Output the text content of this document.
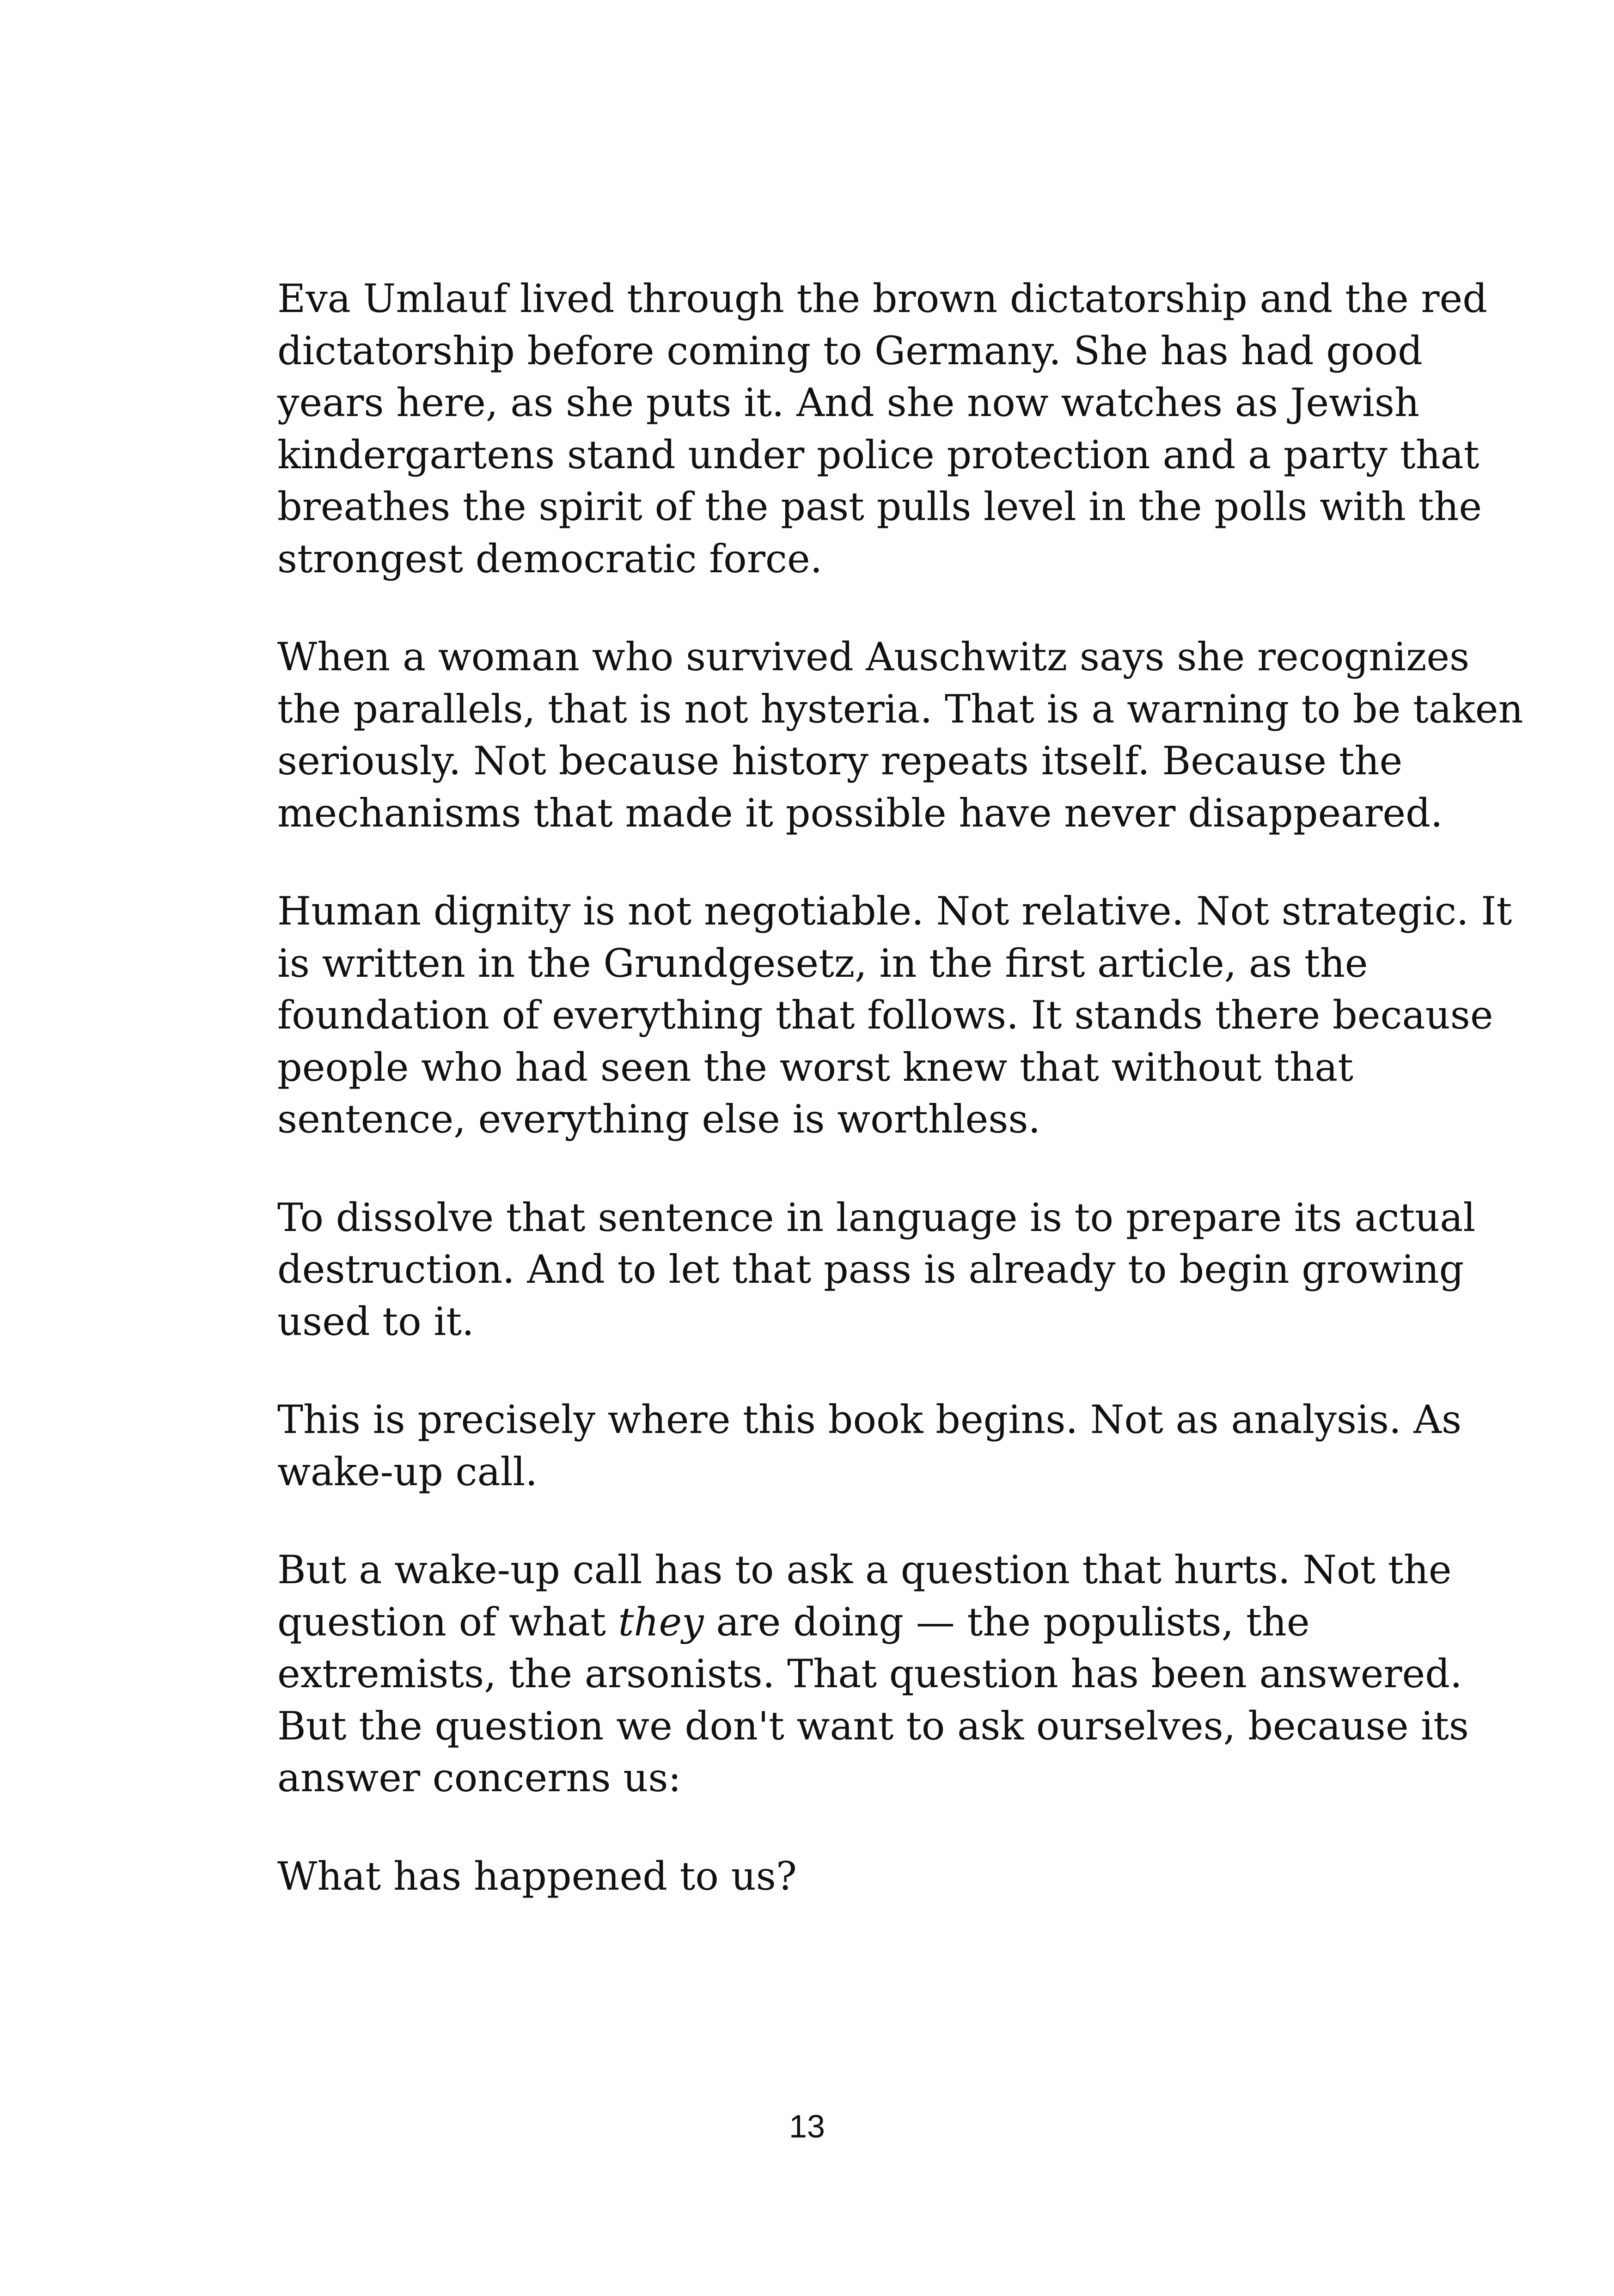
Eva Umlauf lived through the brown dictatorship and the red
dictatorship before coming to Germany. She has had good
years here, as she puts it. And she now watches as Jewish
kindergartens stand under police protection and a party that
breathes the spirit of the past pulls level in the polls with the
strongest democratic force.

When a woman who survived Auschwitz says she recognizes
the parallels, that is not hysteria. That is a warning to be taken
seriously. Not because history repeats itself. Because the
mechanisms that made it possible have never disappeared.

Human dignity is not negotiable. Not relative. Not strategic. It
is written in the Grundgesetz, in the first article, as the
foundation of everything that follows. It stands there because
people who had seen the worst knew that without that
sentence, everything else is worthless.

To dissolve that sentence in language is to prepare its actual
destruction. And to let that pass is already to begin growing
used to it.

This is precisely where this book begins. Not as analysis. As
wake-up call.

But a wake-up call has to ask a question that hurts. Not the
question of what they are doing — the populists, the
extremists, the arsonists. That question has been answered.
But the question we don't want to ask ourselves, because its
answer concerns us:

What has happened to us?

13
